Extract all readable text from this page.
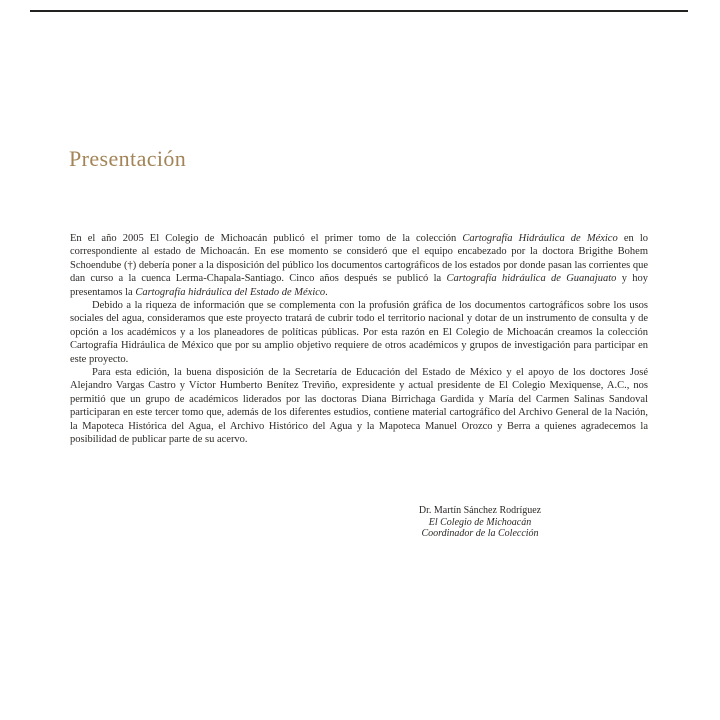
Presentación

En el año 2005 El Colegio de Michoacán publicó el primer tomo de la colección Cartografía Hidráulica de México en lo correspondiente al estado de Michoacán. En ese momento se consideró que el equipo encabezado por la doctora Brigithe Bohem Schoendube (†) debería poner a la disposición del público los documentos cartográficos de los estados por donde pasan las corrientes que dan curso a la cuenca Lerma-Chapala-Santiago. Cinco años después se publicó la Cartografía hidráulica de Guanajuato y hoy presentamos la Cartografía hidráulica del Estado de México.

Debido a la riqueza de información que se complementa con la profusión gráfica de los documentos cartográficos sobre los usos sociales del agua, consideramos que este proyecto tratará de cubrir todo el territorio nacional y dotar de un instrumento de consulta y de opción a los académicos y a los planeadores de políticas públicas. Por esta razón en El Colegio de Michoacán creamos la colección Cartografía Hidráulica de México que por su amplio objetivo requiere de otros académicos y grupos de investigación para participar en este proyecto.

Para esta edición, la buena disposición de la Secretaría de Educación del Estado de México y el apoyo de los doctores José Alejandro Vargas Castro y Víctor Humberto Benítez Treviño, expresidente y actual presidente de El Colegio Mexiquense, A.C., nos permitió que un grupo de académicos liderados por las doctoras Diana Birrichaga Gardida y María del Carmen Salinas Sandoval participaran en este tercer tomo que, además de los diferentes estudios, contiene material cartográfico del Archivo General de la Nación, la Mapoteca Histórica del Agua, el Archivo Histórico del Agua y la Mapoteca Manuel Orozco y Berra a quienes agradecemos la posibilidad de publicar parte de su acervo.

Dr. Martín Sánchez Rodríguez
El Colegio de Michoacán
Coordinador de la Colección
